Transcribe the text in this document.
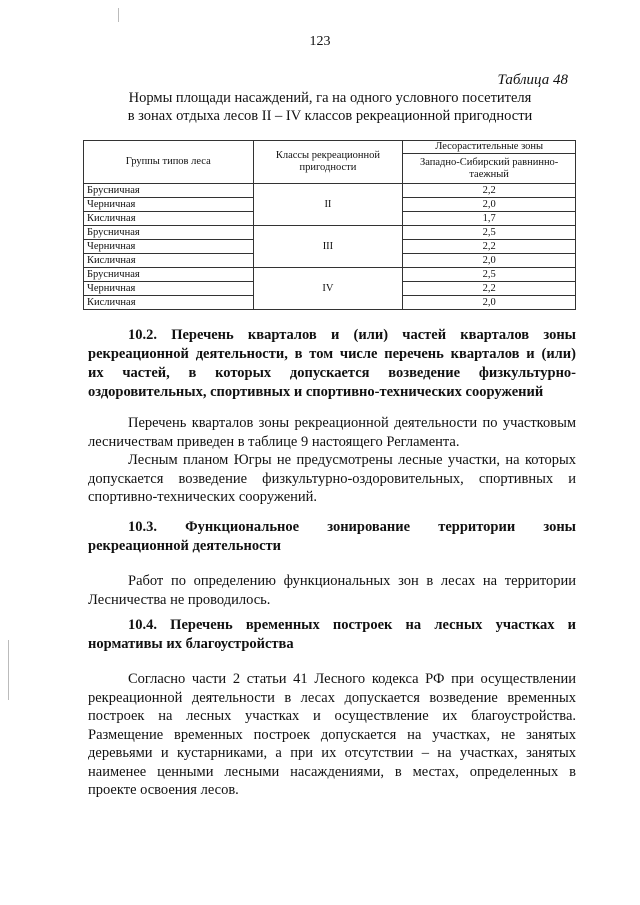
123
Таблица 48
Нормы площади насаждений, га на одного условного посетителя
в зонах отдыха лесов II – IV классов рекреационной пригодности
Группы типов леса	Классы рекреационной пригодности	Лесорастительные зоны
		Западно-Сибирский равнинно-таежный
Брусничная	II	2,2
Черничная		2,0
Кисличная		1,7
Брусничная	III	2,5
Черничная		2,2
Кисличная		2,0
Брусничная	IV	2,5
Черничная		2,2
Кисличная		2,0
10.2. Перечень кварталов и (или) частей кварталов зоны
рекреационной деятельности, в том числе перечень кварталов и (или)
их частей, в которых допускается возведение физкультурно-
оздоровительных, спортивных и спортивно-технических сооружений
Перечень кварталов зоны рекреационной деятельности по участковым лесничествам приведен в таблице 9 настоящего Регламента.
Лесным планом Югры не предусмотрены лесные участки, на которых допускается возведение физкультурно-оздоровительных, спортивных и спортивно-технических сооружений.
10.3. Функциональное зонирование территории зоны
рекреационной деятельности
Работ по определению функциональных зон в лесах на территории Лесничества не проводилось.
10.4. Перечень временных построек на лесных участках и
нормативы их благоустройства
Согласно части 2 статьи 41 Лесного кодекса РФ при осуществлении рекреационной деятельности в лесах допускается возведение временных построек на лесных участках и осуществление их благоустройства. Размещение временных построек допускается на участках, не занятых деревьями и кустарниками, а при их отсутствии – на участках, занятых наименее ценными лесными насаждениями, в местах, определенных в проекте освоения лесов.
